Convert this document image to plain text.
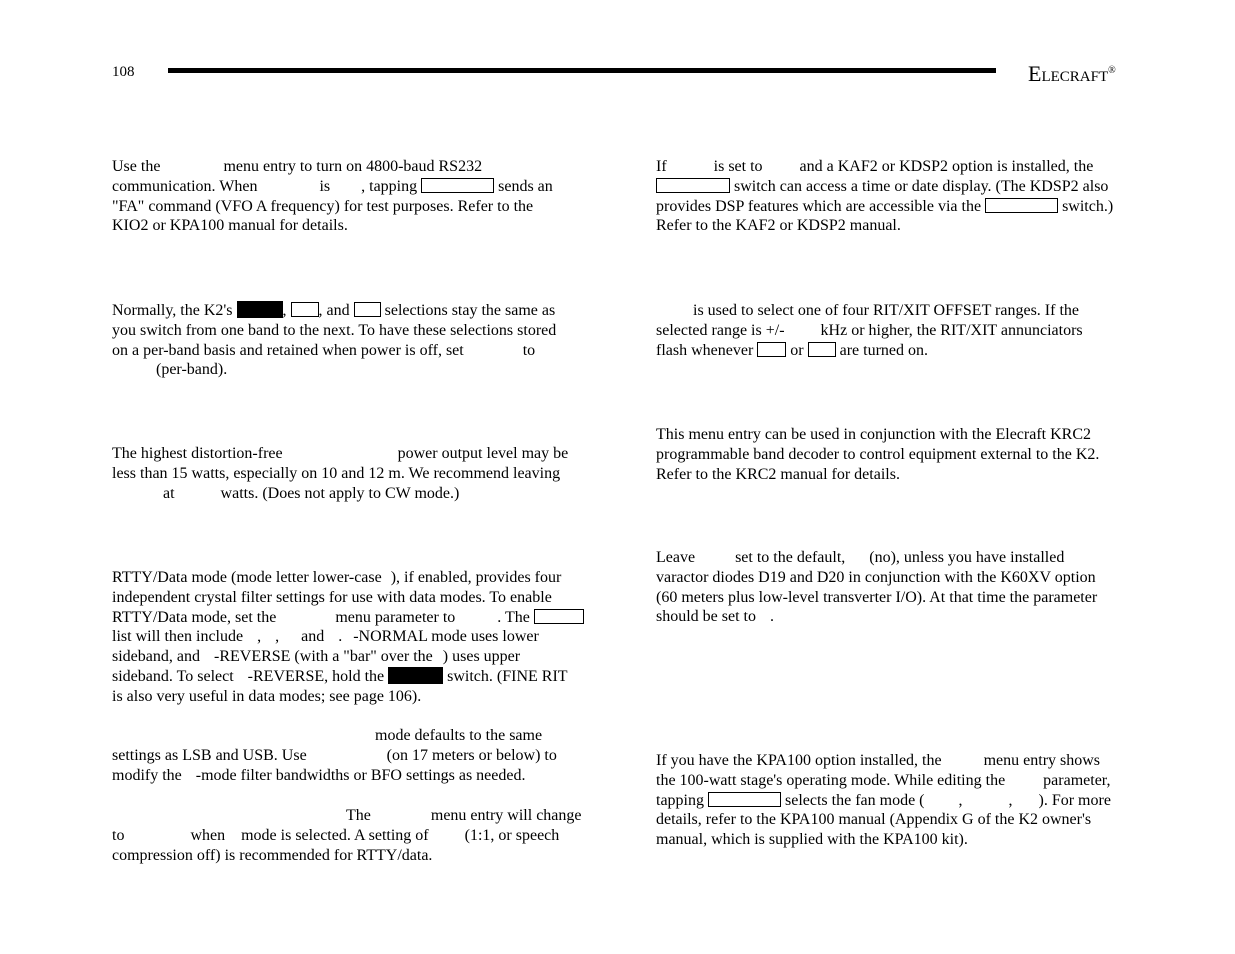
108	ELECRAFT®
Use the	menu entry to turn on 4800-baud RS232
communication. When	is , tapping	sends an
"FA" command (VFO A frequency) for test purposes. Refer to the
KIO2 or KPA100 manual for details.
Normally, the K2's	, , and selections stay the same as
you switch from one band to the next. To have these selections stored
on a per-band basis and retained when power is off, set	to
(per-band).
The highest distortion-free	power output level may be
less than 15 watts, especially on 10 and 12 m. We recommend leaving
at	watts. (Does not apply to CW mode.)
RTTY/Data mode (mode letter lower-case ), if enabled, provides four
independent crystal filter settings for use with data modes. To enable
RTTY/Data mode, set the	menu parameter to	. The
list will then include , , and . -NORMAL mode uses lower
sideband, and -REVERSE (with a "bar" over the ) uses upper
sideband. To select -REVERSE, hold the	switch. (FINE RIT
is also very useful in data modes; see page 106).
mode defaults to the same
settings as LSB and USB. Use	(on 17 meters or below) to
modify the -mode filter bandwidths or BFO settings as needed.
The	menu entry will change
to	when mode is selected. A setting of (1:1, or speech
compression off) is recommended for RTTY/data.
If	is set to and a KAF2 or KDSP2 option is installed, the
switch can access a time or date display. (The KDSP2 also
provides DSP features which are accessible via the	switch.)
Refer to the KAF2 or KDSP2 manual.
is used to select one of four RIT/XIT OFFSET ranges. If the
selected range is +/- kHz or higher, the RIT/XIT annunciators
flash whenever or are turned on.
This menu entry can be used in conjunction with the Elecraft KRC2
programmable band decoder to control equipment external to the K2.
Refer to the KRC2 manual for details.
Leave	set to the default, (no), unless you have installed
varactor diodes D19 and D20 in conjunction with the K60XV option
(60 meters plus low-level transverter I/O). At that time the parameter
should be set to .
If you have the KPA100 option installed, the	menu entry shows
the 100-watt stage's operating mode. While editing the parameter,
tapping	selects the fan mode ( ,	, ). For more
details, refer to the KPA100 manual (Appendix G of the K2 owner's
manual, which is supplied with the KPA100 kit).
